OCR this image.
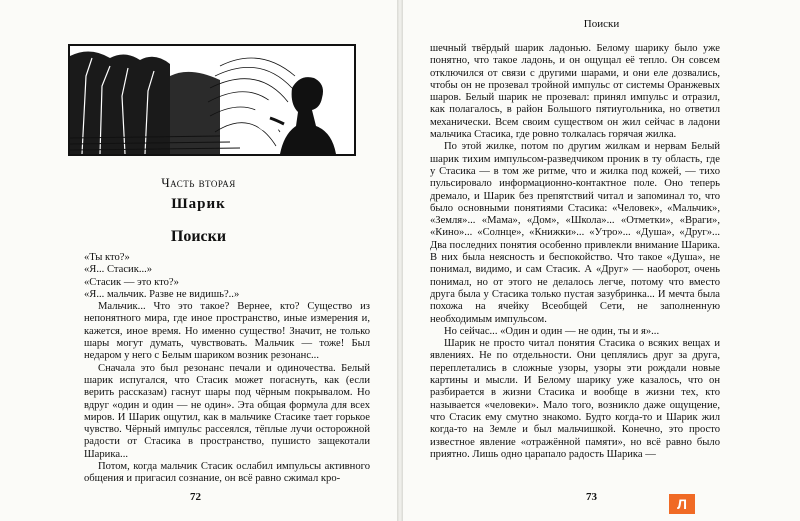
Часть вторая
Шарик
Поиски

«Ты кто?»

«Я... Стасик...»

«Стасик — это кто?»

«Я... мальчик. Разве не видишь?..»

Мальчик... Что это такое? Вернее, кто? Существо из непонятного мира, где иное пространство, иные измерения и, кажется, иное время. Но именно существо! Значит, не только шары могут думать, чувствовать. Мальчик — тоже! Был недаром у него с Белым шариком возник резонанс...

Сначала это был резонанс печали и одиночества. Белый шарик испугался, что Стасик может погаснуть, как (если верить рассказам) гаснут шары под чёрным покрывалом. Но вдруг «один и один — не один». Эта общая формула для всех миров. И Шарик ощутил, как в мальчике Стасике тает горькое чувство. Чёрный импульс рассеялся, тёплые лучи осторожной радости от Стасика в пространство, пушисто защекотали Шарика...

Потом, когда мальчик Стасик ослабил импульсы активного общения и пригасил сознание, он всё равно сжимал кро-

72
Поиски

шечный твёрдый шарик ладонью. Белому шарику было уже понятно, что такое ладонь, и он ощущал её тепло. Он совсем отключился от связи с другими шарами, и они еле дозвались, чтобы он не прозевал тройной импульс от системы Оранжевых шаров. Белый шарик не прозевал: принял импульс и отразил, как полагалось, в район Большого пятиугольника, но ответил механически. Всем своим существом он жил сейчас в ладони мальчика Стасика, где ровно толкалась горячая жилка.

По этой жилке, потом по другим жилкам и нервам Белый шарик тихим импульсом-разведчиком проник в ту область, где у Стасика — в том же ритме, что и жилка под кожей, — тихо пульсировало информационно-контактное поле. Оно теперь дремало, и Шарик без препятствий читал и запоминал то, что было основными понятиями Стасика: «Человек», «Мальчик», «Земля»... «Мама», «Дом», «Школа»... «Отметки», «Враги», «Кино»... «Солнце», «Книжки»... «Утро»... «Душа», «Друг»... Два последних понятия особенно привлекли внимание Шарика. В них была неясность и беспокойство. Что такое «Душа», не понимал, видимо, и сам Стасик. А «Друг» — наоборот, очень понимал, но от этого не делалось легче, потому что вместо друга была у Стасика только пустая зазубринка... И мечта была похожа на ячейку Всеобщей Сети, не заполненную необходимым импульсом.

Но сейчас... «Один и один — не один, ты и я»...

Шарик не просто читал понятия Стасика о всяких вещах и явлениях. Не по отдельности. Они цеплялись друг за друга, переплетались в сложные узоры, узоры эти рождали новые картины и мысли. И Белому шарику уже казалось, что он разбирается в жизни Стасика и вообще в жизни тех, кто называется «человеки». Мало того, возникло даже ощущение, что Стасик ему смутно знакомо. Будто когда-то и Шарик жил когда-то на Земле и был мальчишкой. Конечно, это просто известное явление «отражённой памяти», но всё равно было приятно. Лишь одно царапало радость Шарика —

73	Л
